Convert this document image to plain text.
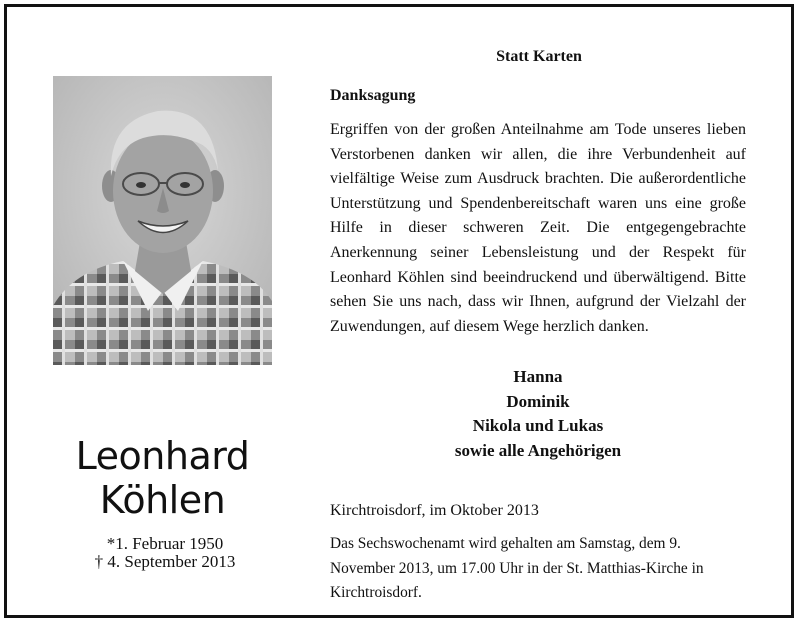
Leonhard
Köhlen
*1. Februar 1950
† 4. September 2013
Statt Karten
Danksagung

Ergriffen von der großen Anteilnahme am Tode unseres lieben Verstorbenen danken wir allen, die ihre Verbundenheit auf vielfältige Weise zum Ausdruck brachten. Die außerordentliche Unterstützung und Spendenbereitschaft waren uns eine große Hilfe in dieser schweren Zeit. Die entgegengebrachte Anerkennung seiner Lebensleistung und der Respekt für Leonhard Köhlen sind beeindruckend und überwältigend. Bitte sehen Sie uns nach, dass wir Ihnen, aufgrund der Vielzahl der Zuwendungen, auf diesem Wege herzlich danken.

Hanna
Dominik
Nikola und Lukas
sowie alle Angehörigen
Kirchtroisdorf, im Oktober 2013

Das Sechswochenamt wird gehalten am Samstag, dem 9. November 2013, um 17.00 Uhr in der St. Matthias-Kirche in Kirchtroisdorf.
